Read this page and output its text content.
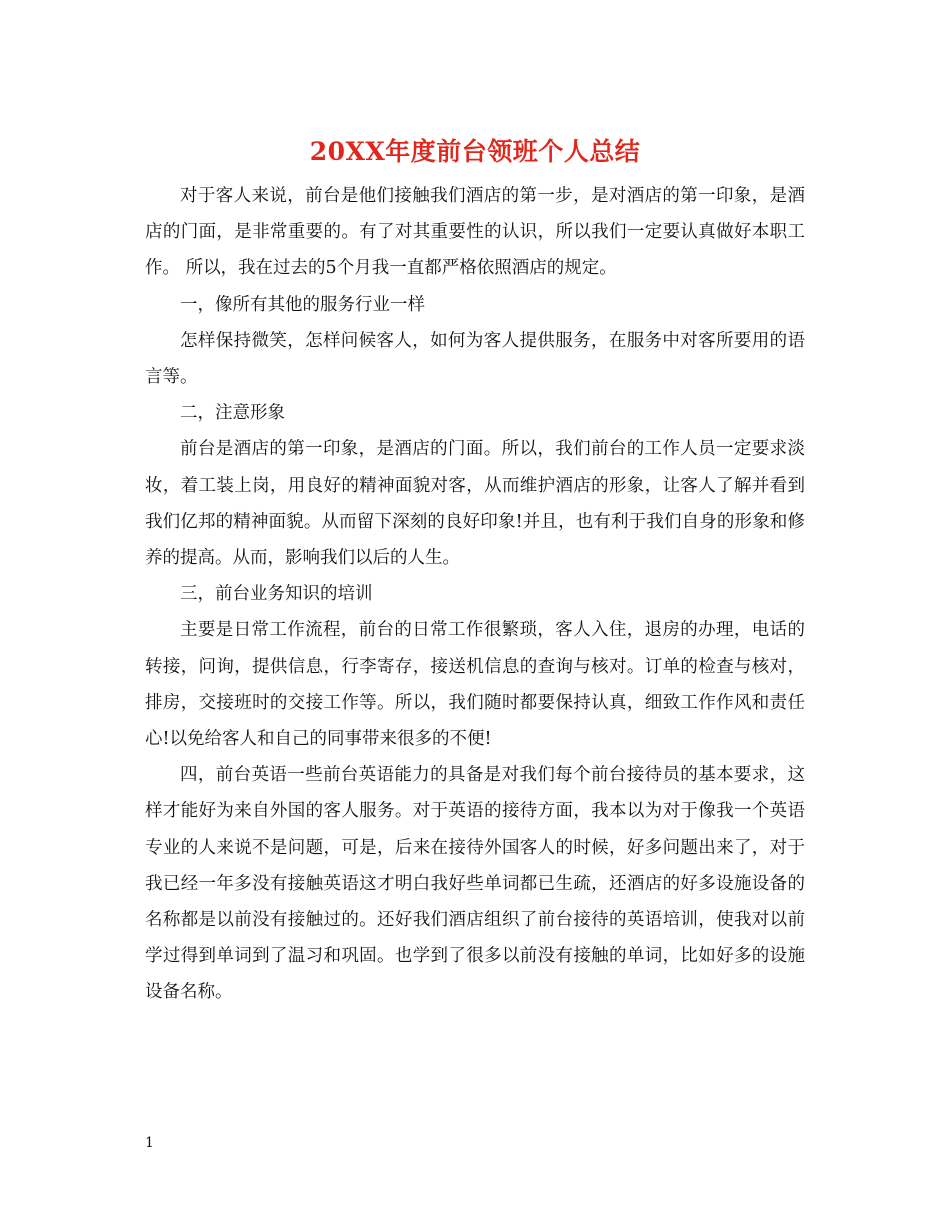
20XX年度前台领班个人总结

对于客人来说，前台是他们接触我们酒店的第一步，是对酒店的第一印象，是酒店的门面，是非常重要的。有了对其重要性的认识，所以我们一定要认真做好本职工作。 所以，我在过去的5个月我一直都严格依照酒店的规定。

一，像所有其他的服务行业一样

怎样保持微笑，怎样问候客人，如何为客人提供服务，在服务中对客所要用的语言等。

二，注意形象

前台是酒店的第一印象，是酒店的门面。所以，我们前台的工作人员一定要求淡妆，着工装上岗，用良好的精神面貌对客，从而维护酒店的形象，让客人了解并看到我们亿邦的精神面貌。从而留下深刻的良好印象!并且，也有利于我们自身的形象和修养的提高。从而，影响我们以后的人生。

三，前台业务知识的培训

主要是日常工作流程，前台的日常工作很繁琐，客人入住，退房的办理，电话的转接，问询，提供信息，行李寄存，接送机信息的查询与核对。订单的检查与核对，排房，交接班时的交接工作等。所以，我们随时都要保持认真，细致工作作风和责任心!以免给客人和自己的同事带来很多的不便!

四，前台英语一些前台英语能力的具备是对我们每个前台接待员的基本要求，这样才能好为来自外国的客人服务。对于英语的接待方面，我本以为对于像我一个英语专业的人来说不是问题，可是，后来在接待外国客人的时候，好多问题出来了，对于我已经一年多没有接触英语这才明白我好些单词都已生疏，还酒店的好多设施设备的名称都是以前没有接触过的。还好我们酒店组织了前台接待的英语培训，使我对以前学过得到单词到了温习和巩固。也学到了很多以前没有接触的单词，比如好多的设施设备名称。

1
